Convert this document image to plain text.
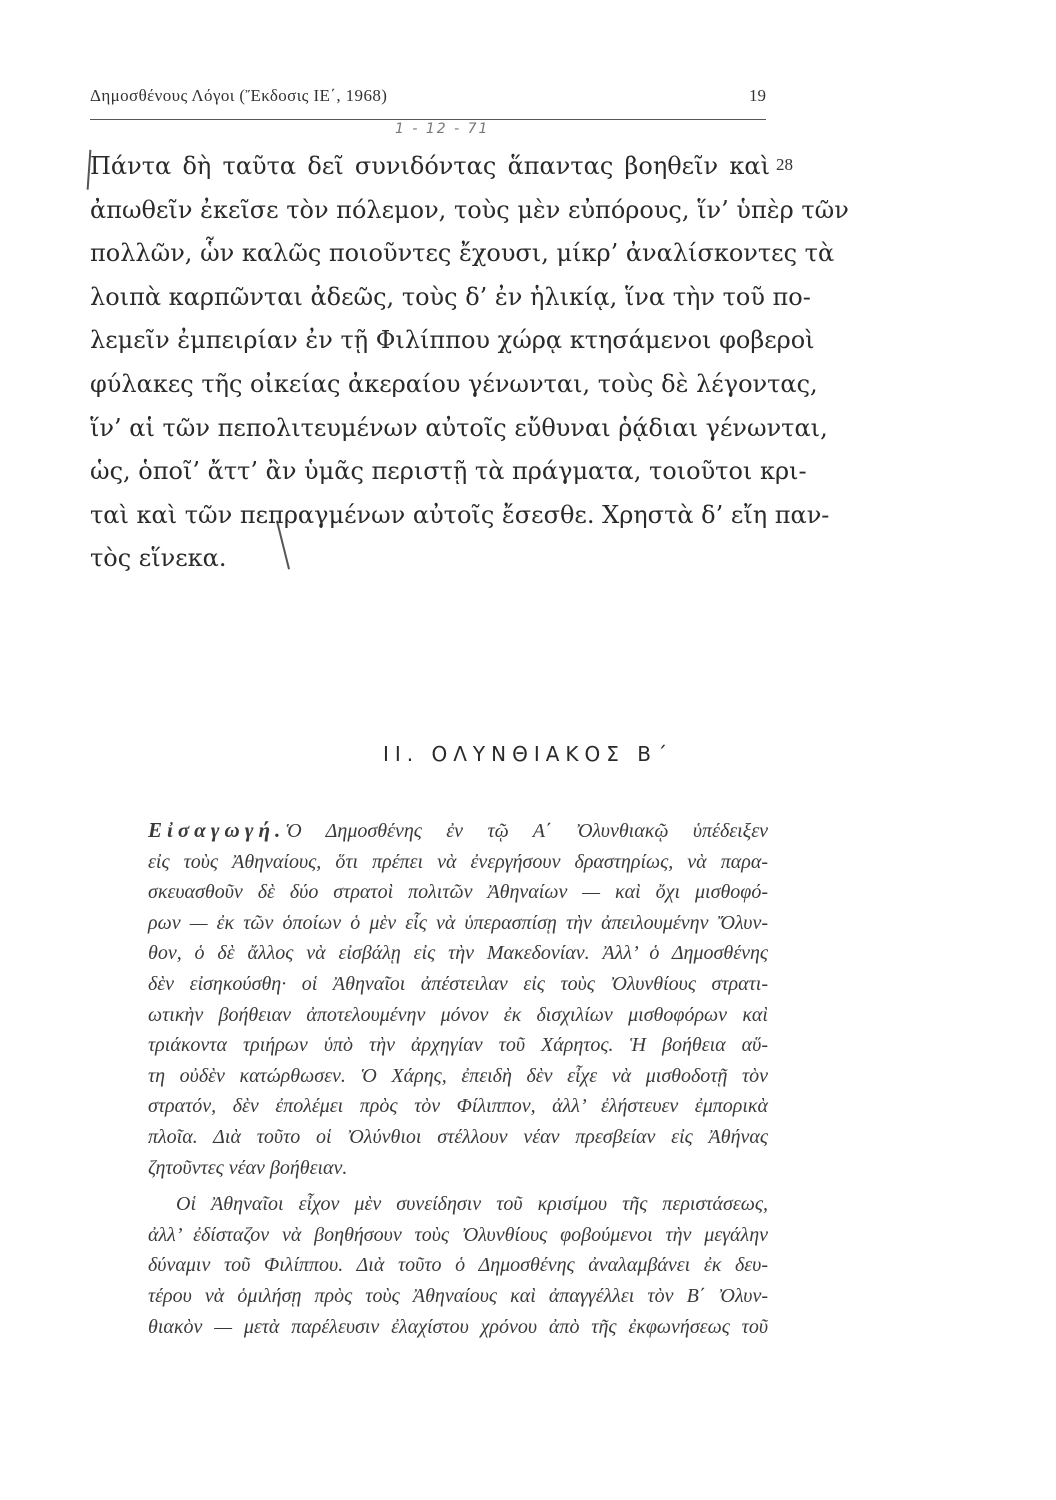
Δημοσθένους Λόγοι (Ἔκδοσις ΙΕ΄, 1968)	19
1 - 12 - 71
28
Πάντα δὴ ταῦτα δεῖ συνιδόντας ἅπαντας βοηθεῖν καὶ
ἀπωθεῖν ἐκεῖσε τὸν πόλεμον, τοὺς μὲν εὐπόρους, ἵν’ ὑπὲρ τῶν
πολλῶν, ὧν καλῶς ποιοῦντες ἔχουσι, μίκρ’ ἀναλίσκοντες τὰ
λοιπὰ καρπῶνται ἀδεῶς, τοὺς δ’ ἐν ἡλικίᾳ, ἵνα τὴν τοῦ πο-
λεμεῖν ἐμπειρίαν ἐν τῇ Φιλίππου χώρᾳ κτησάμενοι φοβεροὶ
φύλακες τῆς οἰκείας ἀκεραίου γένωνται, τοὺς δὲ λέγοντας,
ἵν’ αἱ τῶν πεπολιτευμένων αὐτοῖς εὔθυναι ῥᾴδιαι γένωνται,
ὡς, ὁποῖ’ ἄττ’ ἂν ὑμᾶς περιστῇ τὰ πράγματα, τοιοῦτοι κρι-
ταὶ καὶ τῶν πεπραγμένων αὐτοῖς ἔσεσθε. Χρηστὰ δ’ εἴη παν-
τὸς εἵνεκα.
ΙΙ. ΟΛΥΝΘΙΑΚΟΣ Β΄
Εἰσαγωγή.Ὁ Δημοσθένης ἐν τῷ Α΄ Ὀλυνθιακῷ ὑπέδειξεν
εἰς τοὺς Ἀθηναίους, ὅτι πρέπει νὰ ἐνεργήσουν δραστηρίως, νὰ παρα-
σκευασθοῦν δὲ δύο στρατοὶ πολιτῶν Ἀθηναίων — καὶ ὄχι μισθοφό-
ρων — ἐκ τῶν ὁποίων ὁ μὲν εἷς νὰ ὑπερασπίσῃ τὴν ἀπειλουμένην Ὄλυν-
θον, ὁ δὲ ἄλλος νὰ εἰσβάλῃ εἰς τὴν Μακεδονίαν. Ἀλλ’ ὁ Δημοσθένης
δὲν εἰσηκούσθη· οἱ Ἀθηναῖοι ἀπέστειλαν εἰς τοὺς Ὀλυνθίους στρατι-
ωτικὴν βοήθειαν ἀποτελουμένην μόνον ἐκ δισχιλίων μισθοφόρων καὶ
τριάκοντα τριήρων ὑπὸ τὴν ἀρχηγίαν τοῦ Χάρητος. Ἡ βοήθεια αὕ-
τη οὐδὲν κατώρθωσεν. Ὁ Χάρης, ἐπειδὴ δὲν εἶχε νὰ μισθοδοτῇ τὸν
στρατόν, δὲν ἐπολέμει πρὸς τὸν Φίλιππον, ἀλλ’ ἐλήστευεν ἐμπορικὰ
πλοῖα. Διὰ τοῦτο οἱ Ὀλύνθιοι στέλλουν νέαν πρεσβείαν εἰς Ἀθήνας
ζητοῦντες νέαν βοήθειαν.
Οἱ Ἀθηναῖοι εἶχον μὲν συνείδησιν τοῦ κρισίμου τῆς περιστάσεως,
ἀλλ’ ἐδίσταζον νὰ βοηθήσουν τοὺς Ὀλυνθίους φοβούμενοι τὴν μεγάλην
δύναμιν τοῦ Φιλίππου. Διὰ τοῦτο ὁ Δημοσθένης ἀναλαμβάνει ἐκ δευ-
τέρου νὰ ὁμιλήσῃ πρὸς τοὺς Ἀθηναίους καὶ ἀπαγγέλλει τὸν Β΄ Ὀλυν-
θιακὸν — μετὰ παρέλευσιν ἐλαχίστου χρόνου ἀπὸ τῆς ἐκφωνήσεως τοῦ
